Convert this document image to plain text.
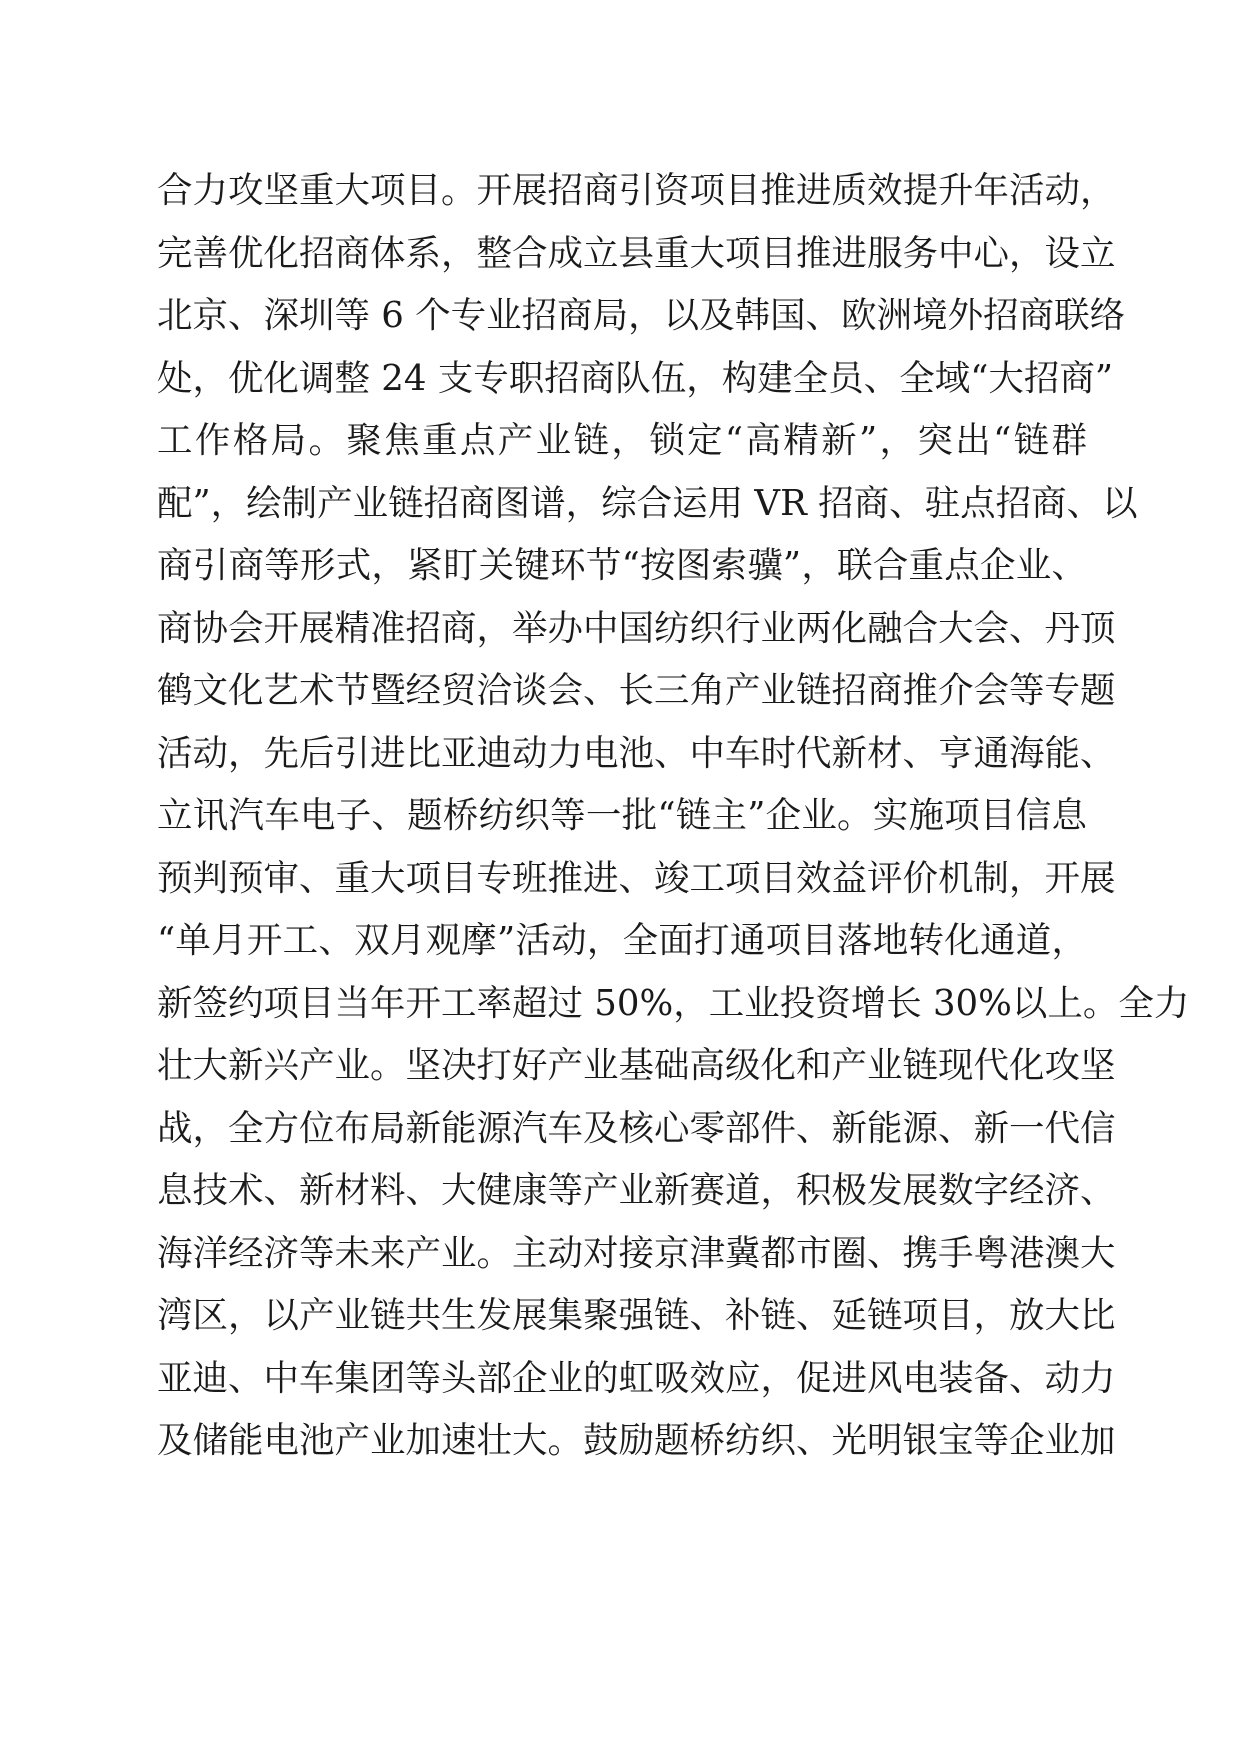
合力攻坚重大项目。开展招商引资项目推进质效提升年活动，
完善优化招商体系，整合成立县重大项目推进服务中心，设立
北京、深圳等 6 个专业招商局，以及韩国、欧洲境外招商联络
处，优化调整 24 支专职招商队伍，构建全员、全域“大招商”
工作格局。聚焦重点产业链，锁定“高精新”，突出“链群
配”，绘制产业链招商图谱，综合运用 VR 招商、驻点招商、以
商引商等形式，紧盯关键环节“按图索骥”，联合重点企业、
商协会开展精准招商，举办中国纺织行业两化融合大会、丹顶
鹤文化艺术节暨经贸洽谈会、长三角产业链招商推介会等专题
活动，先后引进比亚迪动力电池、中车时代新材、亨通海能、
立讯汽车电子、题桥纺织等一批“链主”企业。实施项目信息
预判预审、重大项目专班推进、竣工项目效益评价机制，开展
“单月开工、双月观摩”活动，全面打通项目落地转化通道，
新签约项目当年开工率超过 50%，工业投资增长 30%以上。全力
壮大新兴产业。坚决打好产业基础高级化和产业链现代化攻坚
战，全方位布局新能源汽车及核心零部件、新能源、新一代信
息技术、新材料、大健康等产业新赛道，积极发展数字经济、
海洋经济等未来产业。主动对接京津冀都市圈、携手粤港澳大
湾区，以产业链共生发展集聚强链、补链、延链项目，放大比
亚迪、中车集团等头部企业的虹吸效应，促进风电装备、动力
及储能电池产业加速壮大。鼓励题桥纺织、光明银宝等企业加
